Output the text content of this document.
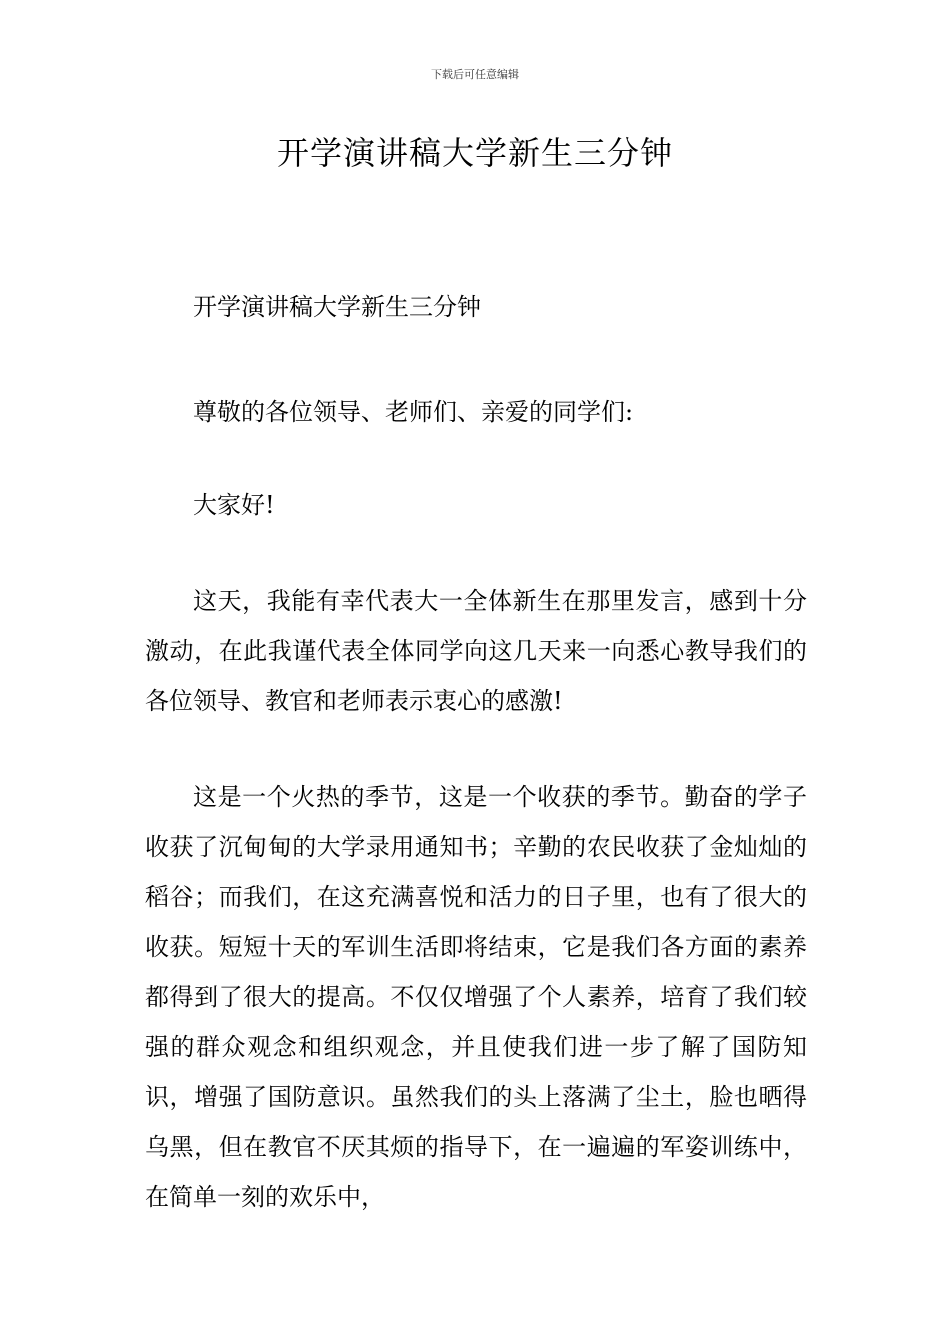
下载后可任意编辑
开学演讲稿大学新生三分钟

开学演讲稿大学新生三分钟

尊敬的各位领导、老师们、亲爱的同学们:

大家好!

这天，我能有幸代表大一全体新生在那里发言，感到十分激动，在此我谨代表全体同学向这几天来一向悉心教导我们的各位领导、教官和老师表示衷心的感激!

这是一个火热的季节，这是一个收获的季节。勤奋的学子收获了沉甸甸的大学录用通知书；辛勤的农民收获了金灿灿的稻谷；而我们，在这充满喜悦和活力的日子里，也有了很大的收获。短短十天的军训生活即将结束，它是我们各方面的素养都得到了很大的提高。不仅仅增强了个人素养，培育了我们较强的群众观念和组织观念，并且使我们进一步了解了国防知识，增强了国防意识。虽然我们的头上落满了尘土，脸也晒得乌黑，但在教官不厌其烦的指导下，在一遍遍的军姿训练中，在简单一刻的欢乐中，
